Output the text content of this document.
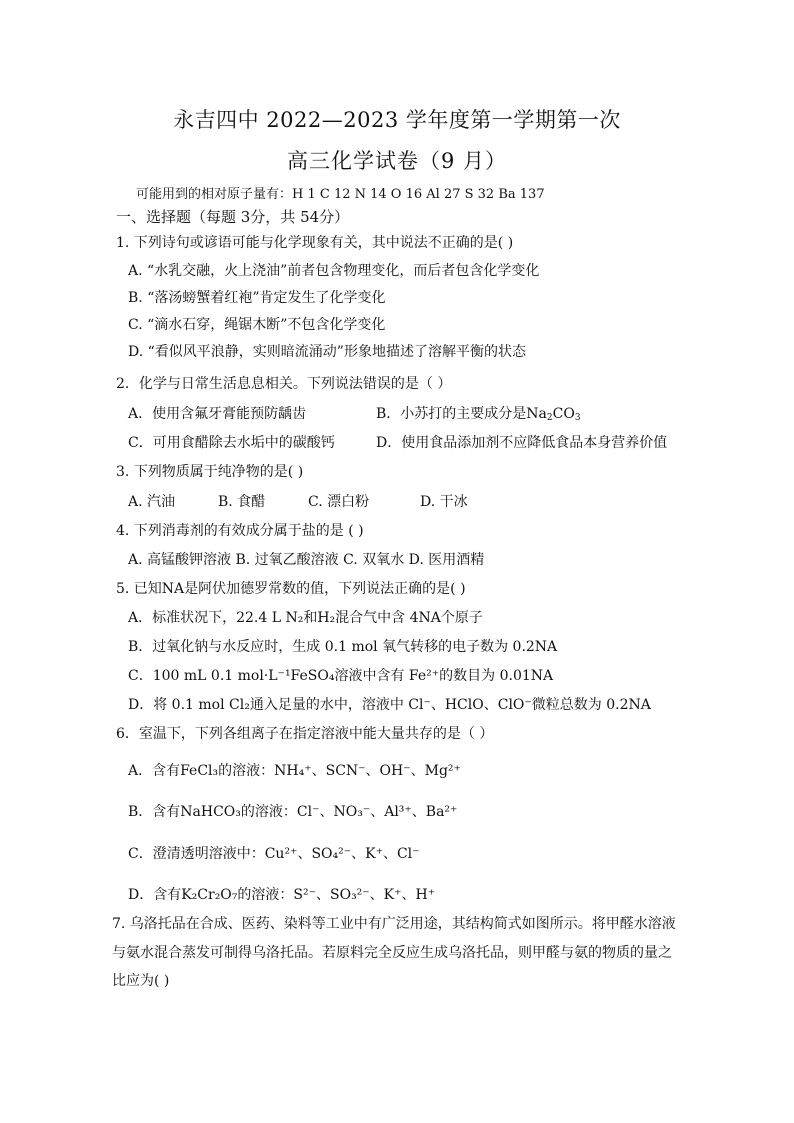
永吉四中 2022—2023 学年度第一学期第一次
高三化学试卷（9 月）
可能用到的相对原子量有：H 1 C 12 N 14 O 16 Al 27 S 32 Ba 137
一、选择题（每题 3分，共 54分）
1. 下列诗句或谚语可能与化学现象有关，其中说法不正确的是( )
A. “水乳交融，火上浇油”前者包含物理变化，而后者包含化学变化
B. “落汤螃蟹着红袍”肯定发生了化学变化
C. “滴水石穿，绳锯木断”不包含化学变化
D. “看似风平浪静，实则暗流涌动”形象地描述了溶解平衡的状态
2．化学与日常生活息息相关。下列说法错误的是（ ）
A．使用含氟牙膏能预防龋齿	B．小苏打的主要成分是$Na_2CO_3$
C．可用食醋除去水垢中的碳酸钙	D．使用食品添加剂不应降低食品本身营养价值
3. 下列物质属于纯净物的是( )
A. 汽油	B. 食醋	C. 漂白粉	D. 干冰
4. 下列消毒剂的有效成分属于盐的是 ( )
A. 高锰酸钾溶液 B. 过氧乙酸溶液 C. 双氧水 D. 医用酒精
5. 已知NA是阿伏加德罗常数的值，下列说法正确的是( )
A．标准状况下，22.4 L N₂和H₂混合气中含 4NA个原子
B．过氧化钠与水反应时，生成 0.1 mol 氧气转移的电子数为 0.2NA
C．100 mL 0.1 mol·L⁻¹FeSO₄溶液中含有 Fe²⁺的数目为 0.01NA
D．将 0.1 mol Cl₂通入足量的水中，溶液中 Cl⁻、HClO、ClO⁻微粒总数为 0.2NA
6．室温下，下列各组离子在指定溶液中能大量共存的是（ ）
A．含有FeCl₃的溶液：NH₄⁺、SCN⁻、OH⁻、Mg²⁺
B．含有NaHCO₃的溶液：Cl⁻、NO₃⁻、Al³⁺、Ba²⁺
C．澄清透明溶液中：Cu²⁺、SO₄²⁻、K⁺、Cl⁻
D．含有K₂Cr₂O₇的溶液：S²⁻、SO₃²⁻、K⁺、H⁺
7. 乌洛托品在合成、医药、染料等工业中有广泛用途，其结构简式如图所示。将甲醛水溶液
与氨水混合蒸发可制得乌洛托品。若原料完全反应生成乌洛托品，则甲醛与氨的物质的量之
比应为( )
